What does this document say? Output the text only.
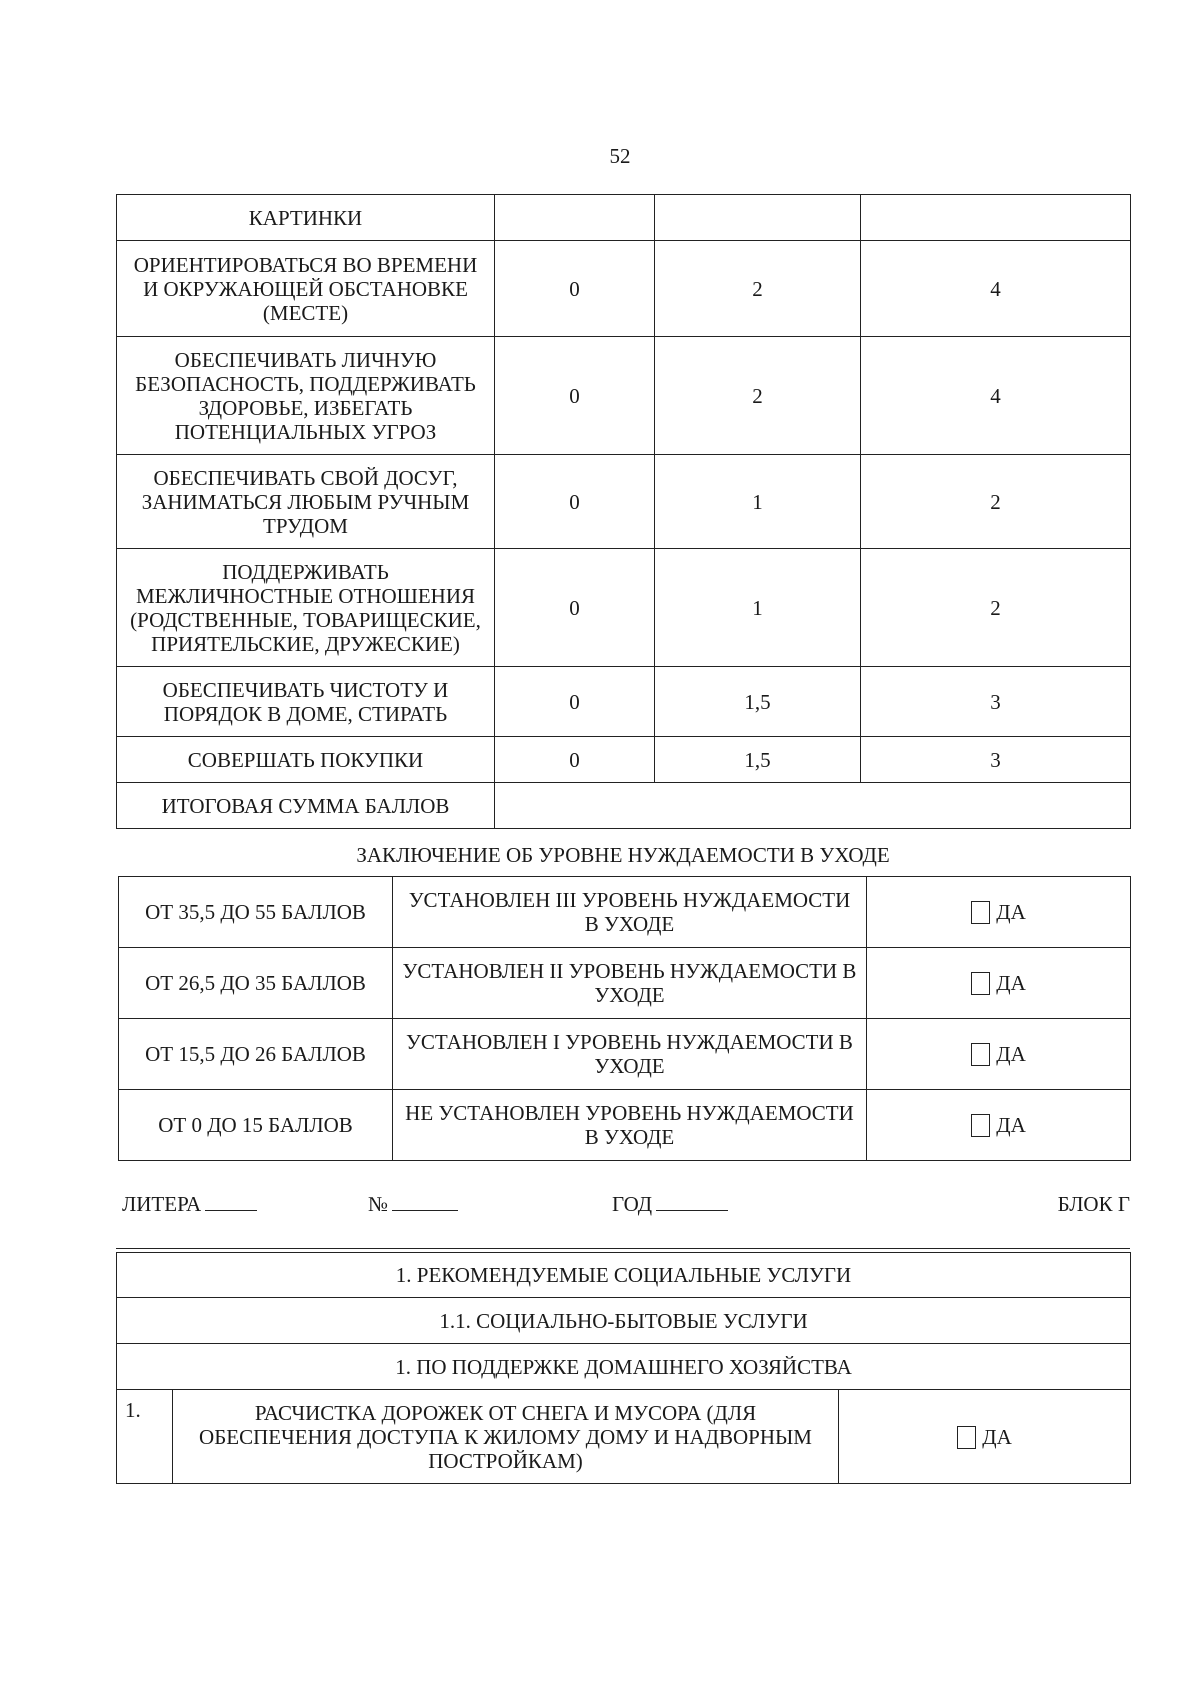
52
КАРТИНКИ			
ОРИЕНТИРОВАТЬСЯ ВО ВРЕМЕНИ И ОКРУЖАЮЩЕЙ ОБСТАНОВКЕ (МЕСТЕ)	0	2	4
ОБЕСПЕЧИВАТЬ ЛИЧНУЮ БЕЗОПАСНОСТЬ, ПОДДЕРЖИВАТЬ ЗДОРОВЬЕ, ИЗБЕГАТЬ ПОТЕНЦИАЛЬНЫХ УГРОЗ	0	2	4
ОБЕСПЕЧИВАТЬ СВОЙ ДОСУГ, ЗАНИМАТЬСЯ ЛЮБЫМ РУЧНЫМ ТРУДОМ	0	1	2
ПОДДЕРЖИВАТЬ МЕЖЛИЧНОСТНЫЕ ОТНОШЕНИЯ (РОДСТВЕННЫЕ, ТОВАРИЩЕСКИЕ, ПРИЯТЕЛЬСКИЕ, ДРУЖЕСКИЕ)	0	1	2
ОБЕСПЕЧИВАТЬ ЧИСТОТУ И ПОРЯДОК В ДОМЕ, СТИРАТЬ	0	1,5	3
СОВЕРШАТЬ ПОКУПКИ	0	1,5	3
ИТОГОВАЯ СУММА БАЛЛОВ			
ЗАКЛЮЧЕНИЕ ОБ УРОВНЕ НУЖДАЕМОСТИ В УХОДЕ
ОТ 35,5 ДО 55 БАЛЛОВ	УСТАНОВЛЕН III УРОВЕНЬ НУЖДАЕМОСТИ В УХОДЕ	ДА
ОТ 26,5 ДО 35 БАЛЛОВ	УСТАНОВЛЕН II УРОВЕНЬ НУЖДАЕМОСТИ В УХОДЕ	ДА
ОТ 15,5 ДО 26 БАЛЛОВ	УСТАНОВЛЕН I УРОВЕНЬ НУЖДАЕМОСТИ В УХОДЕ	ДА
ОТ 0 ДО 15 БАЛЛОВ	НЕ УСТАНОВЛЕН УРОВЕНЬ НУЖДАЕМОСТИ В УХОДЕ	ДА
ЛИТЕРА	№	ГОД	БЛОК Г
1. РЕКОМЕНДУЕМЫЕ СОЦИАЛЬНЫЕ УСЛУГИ
1.1. СОЦИАЛЬНО-БЫТОВЫЕ УСЛУГИ
1. ПО ПОДДЕРЖКЕ ДОМАШНЕГО ХОЗЯЙСТВА
1.	РАСЧИСТКА ДОРОЖЕК ОТ СНЕГА И МУСОРА (ДЛЯ ОБЕСПЕЧЕНИЯ ДОСТУПА К ЖИЛОМУ ДОМУ И НАДВОРНЫМ ПОСТРОЙКАМ)	ДА
